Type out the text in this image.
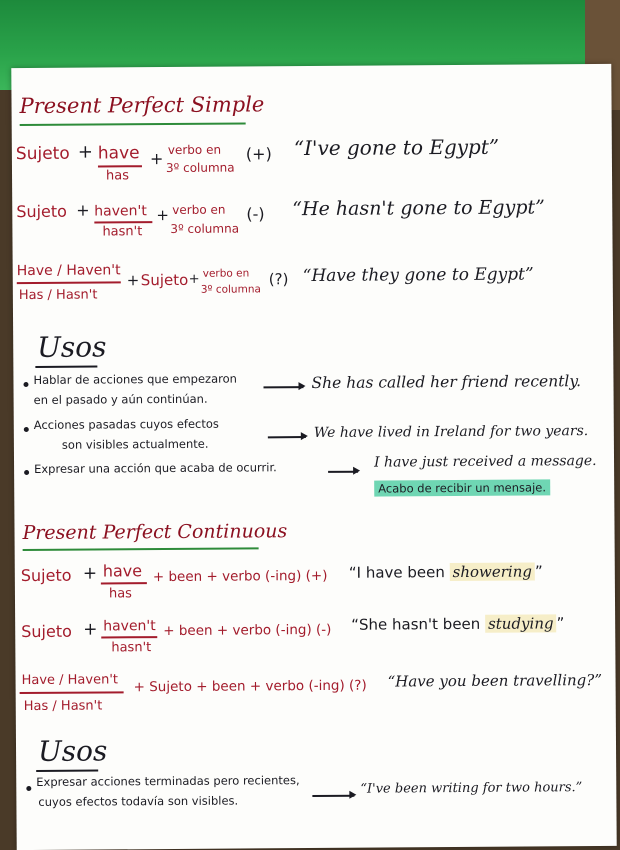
Present Perfect Simple
Sujeto + have
has
+ verbo en
3º columna
(+) “I've gone to Egypt”
Sujeto + haven't
hasn't
+ verbo en
3º columna
(-) “He hasn't gone to Egypt”
Have / Haven't
Has / Hasn't
+ Sujeto + verbo en
3º columna
(?) “Have they gone to Egypt”
Usos
Hablar de acciones que empezaron
en el pasado y aún continúan.
She has called her friend recently.
Acciones pasadas cuyos efectos
son visibles actualmente.
We have lived in Ireland for two years.
Expresar una acción que acaba de ocurrir.	I have just received a message.
Acabo de recibir un mensaje.
Present Perfect Continuous
Sujeto + have
has
+ been + verbo (-ing) (+) “I have been showering ”
Sujeto + haven't
hasn't
+ been + verbo (-ing) (-) “She hasn't been studying ”
Have / Haven't
Has / Hasn't
+ Sujeto + been + verbo (-ing) (?) “Have you been travelling?”
Usos
Expresar acciones terminadas pero recientes,
cuyos efectos todavía son visibles.
“I've been writing for two hours.”
